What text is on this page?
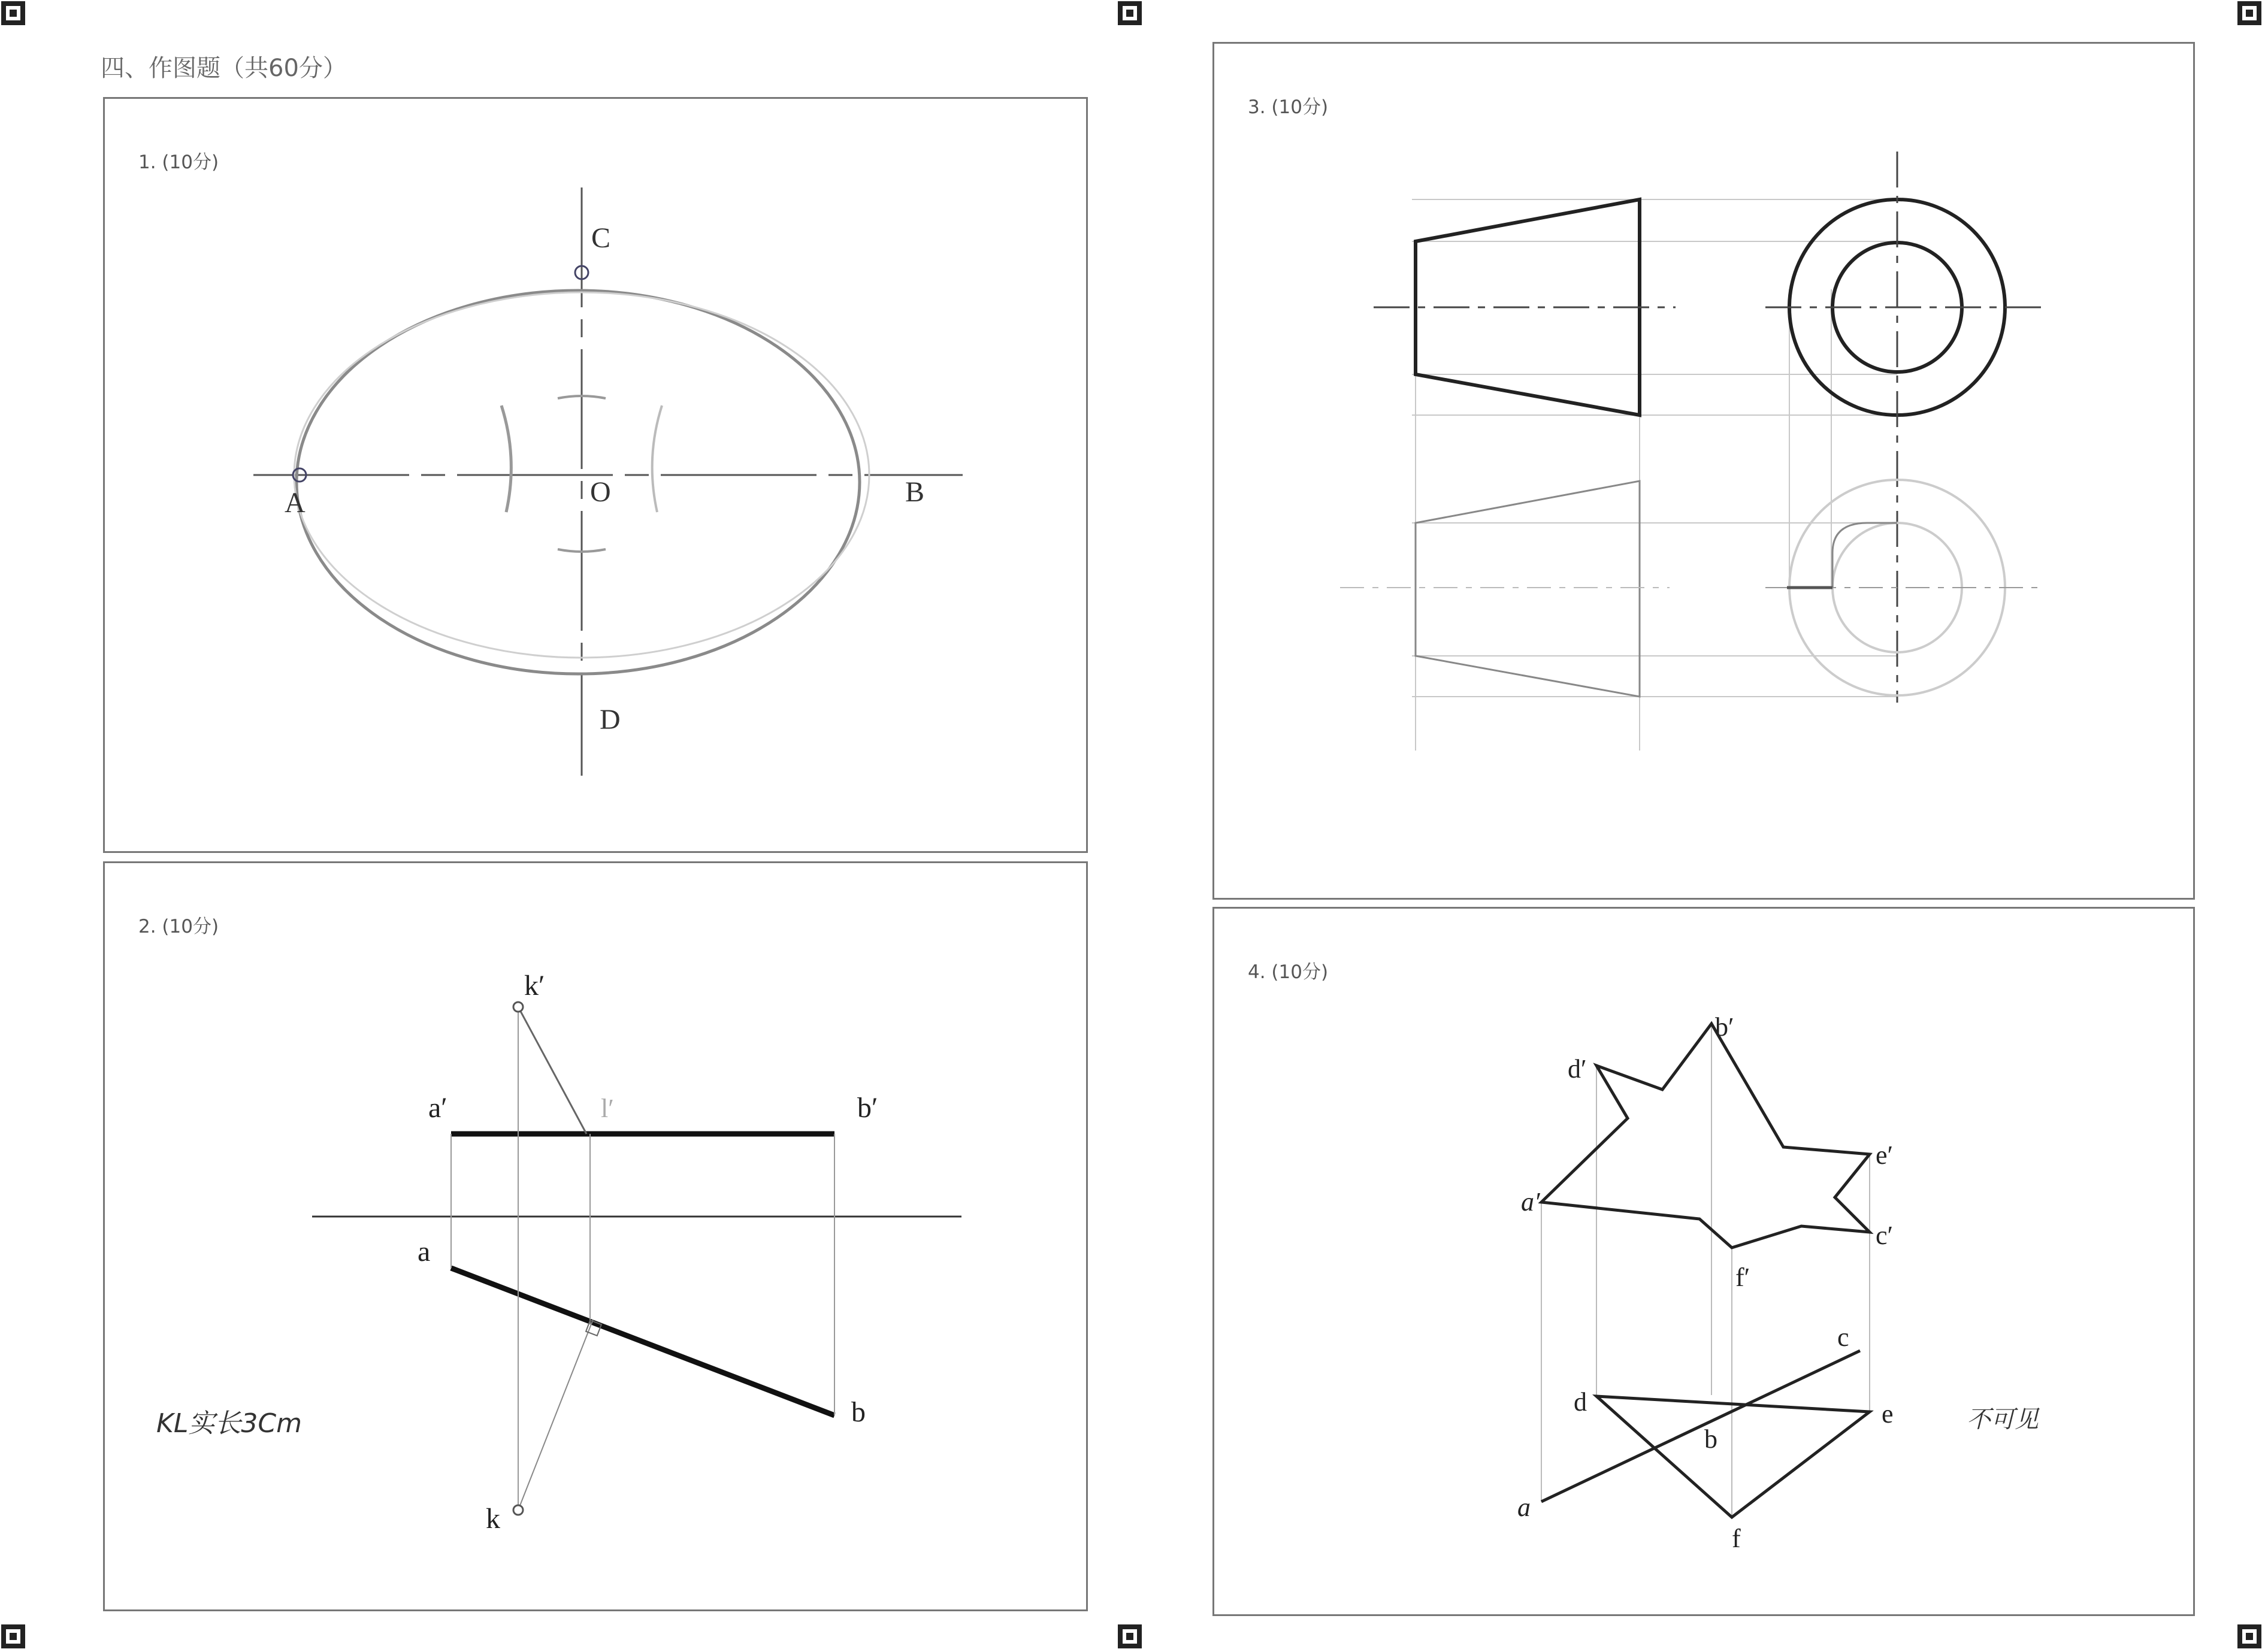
四、作图题（共60分）
1. (10分)
A	B
C
D
O
2. (10分)
k′
a′	b′
a
b
k
l′
KL实长3Cm
3. (10分)
4. (10分)
b′
d′
e′
a′
c′
f′
c
d	e
b
a
f
不可见
